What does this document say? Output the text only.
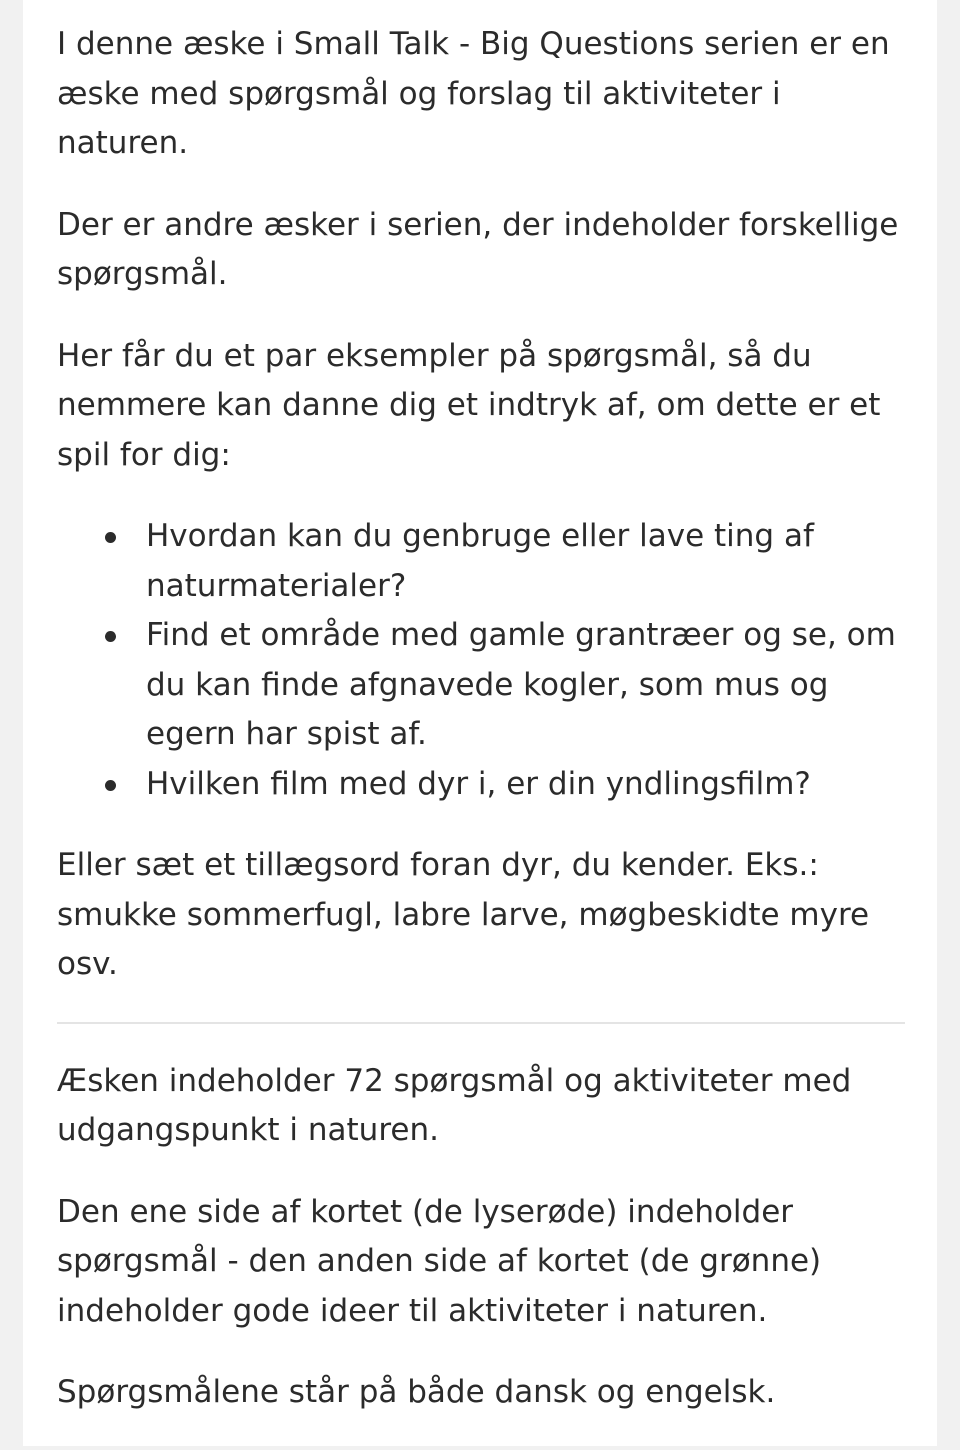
I denne æske i Small Talk - Big Questions serien er en æske med spørgsmål og forslag til aktiviteter i naturen.

Der er andre æsker i serien, der indeholder forskellige spørgsmål.

Her får du et par eksempler på spørgsmål, så du nemmere kan danne dig et indtryk af, om dette er et spil for dig:

Hvordan kan du genbruge eller lave ting af naturmaterialer?
Find et område med gamle grantræer og se, om du kan finde afgnavede kogler, som mus og egern har spist af.
Hvilken film med dyr i, er din yndlingsfilm?

Eller sæt et tillægsord foran dyr, du kender. Eks.: smukke sommerfugl, labre larve, møgbeskidte myre osv.

Æsken indeholder 72 spørgsmål og aktiviteter med udgangspunkt i naturen.

Den ene side af kortet (de lyserøde) indeholder spørgsmål - den anden side af kortet (de grønne) indeholder gode ideer til aktiviteter i naturen.

Spørgsmålene står på både dansk og engelsk.
